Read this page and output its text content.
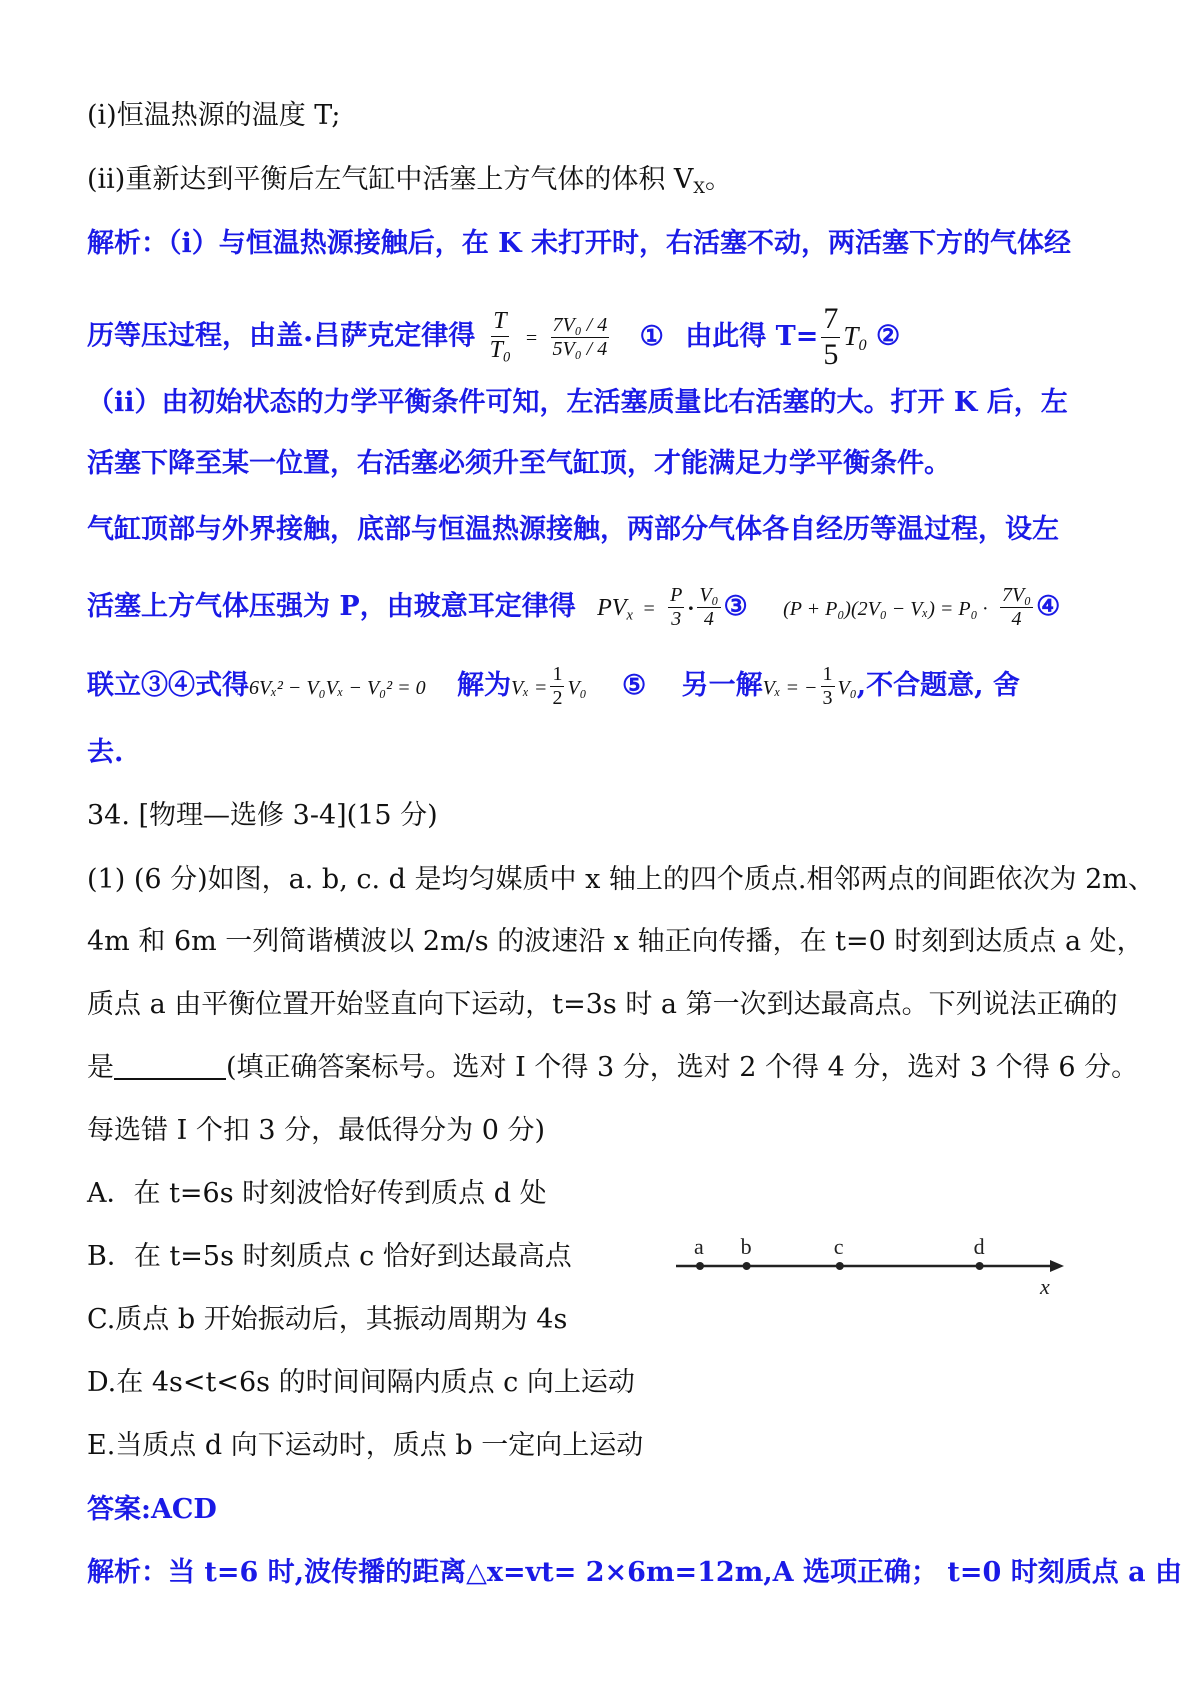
(i)恒温热源的温度 T;
(ii)重新达到平衡后左气缸中活塞上方气体的体积 $V_X$。
解析：（i）与恒温热源接触后，在 K 未打开时，右活塞不动，两活塞下方的气体经
历等压过程，由盖•吕萨克定律得 $\frac{T}{T_0} = \frac{\text{7V₀ / 4}}{\text{5V₀ / 4}}$ ① 由此得 $T= \frac{7}{5} T_0$ ②
（ii）由初始状态的力学平衡条件可知，左活塞质量比右活塞的大。打开 K 后，左
活塞下降至某一位置，右活塞必须升至气缸顶，才能满足力学平衡条件。
气缸顶部与外界接触，底部与恒温热源接触，两部分气体各自经历等温过程，设左
活塞上方气体压强为 P，由玻意耳定律得 $PV_x = \frac{P}{3} \cdot \frac{\text{V₀}}{4}$ ③ $(P + P_0)(2V_0 - V_x) = P_0 \cdot \frac{\text{7V₀}}{4}$ ④
联立③④式得6Vₓ² − V₀Vₓ − V₀² = 0 解为$V_x = \frac{1}{2} V_0$ ⑤ 另一解Vₓ = − $\frac{1}{3} V_0$,不合题意, 舍
去.
34. [物理—选修 3-4](15 分)
(1) (6 分)如图，a. b, c. d 是均匀媒质中 x 轴上的四个质点.相邻两点的间距依次为 2m、
4m 和 6m 一列简谐横波以 2m/s 的波速沿 x 轴正向传播，在 t=0 时刻到达质点 a 处，
质点 a 由平衡位置开始竖直向下运动，t=3s 时 a 第一次到达最高点。下列说法正确的
是	(填正确答案标号。选对 I 个得 3 分，选对 2 个得 4 分，选对 3 个得 6 分。
每选错 I 个扣 3 分，最低得分为 0 分)
A．在 t=6s 时刻波恰好传到质点 d 处
B．在 t=5s 时刻质点 c 恰好到达最高点
C.质点 b 开始振动后，其振动周期为 4s
D.在 4s<t<6s 的时间间隔内质点 c 向上运动
E.当质点 d 向下运动时，质点 b 一定向上运动
答案:ACD
解析：当 t=6 时,波传播的距离△x=vt= 2×6m=12m,A 选项正确； t=0 时刻质点 a 由
x
a b	c	d
